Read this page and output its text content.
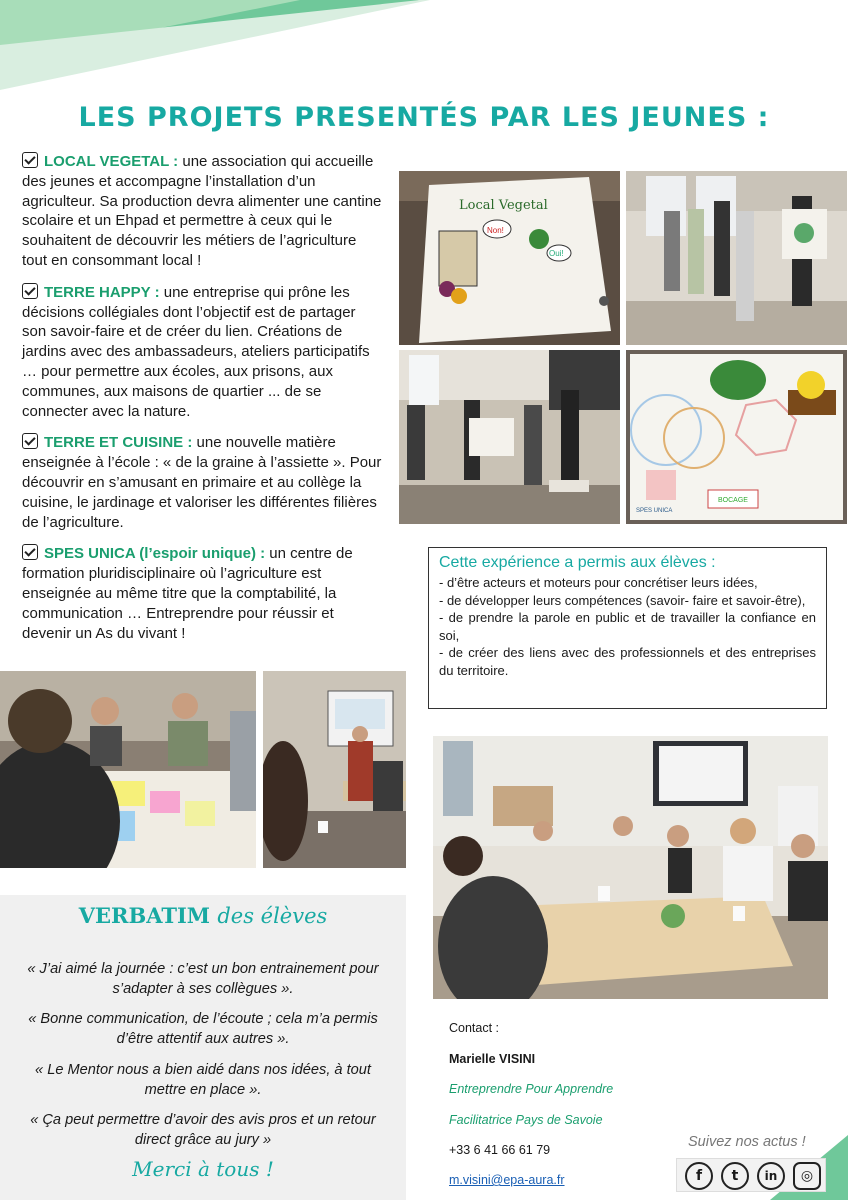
LES PROJETS PRESENTÉS PAR LES JEUNES :

LOCAL VEGETAL : une association qui accueille des jeunes et accompagne l’installation d’un agriculteur. Sa production devra alimenter une cantine scolaire et un Ehpad et permettre à ceux qui le souhaitent de découvrir les métiers de l’agriculture tout en consommant local !

TERRE HAPPY : une entreprise qui prône les décisions collégiales dont l’objectif est de partager son savoir-faire et de créer du lien. Créations de jardins avec des ambassadeurs, ateliers participatifs … pour permettre aux écoles, aux prisons, aux communes, aux maisons de quartier ... de se connecter avec la nature.

TERRE ET CUISINE : une nouvelle matière enseignée à l’école : « de la graine à l’assiette ». Pour découvrir en s’amusant en primaire et au collège la cuisine, le jardinage et valoriser les différentes filières de l’agriculture.

SPES UNICA (l’espoir unique) : un centre de formation pluridisciplinaire où l’agriculture est enseignée au même titre que la comptabilité, la communication … Entreprendre pour réussir et devenir un As du vivant !

Local Vegetal
Non!
Oui!
SPES UNICA
BOCAGE
Cette expérience a permis aux élèves :
- d’être acteurs et moteurs pour concrétiser leurs idées,
- de développer leurs compétences (savoir- faire et savoir-être),
- de prendre la parole en public et de travailler la confiance en soi,
- de créer des liens avec des professionnels et des entreprises du territoire.
VERBATIM des élèves
« J’ai aimé la journée : c’est un bon entrainement pour s’adapter à ses collègues ».
« Bonne communication, de l’écoute ; cela m’a permis d’être attentif aux autres ».
« Le Mentor nous a bien aidé dans nos idées, à tout mettre en place ».
« Ça peut permettre d’avoir des avis pros et un retour direct grâce au jury »
Merci à tous !
Contact :
Marielle VISINI
Entreprendre Pour Apprendre
Facilitatrice Pays de Savoie
+33 6 41 66 61 79
m.visini@epa-aura.fr
Suivez nos actus !
f	t	in	◎
